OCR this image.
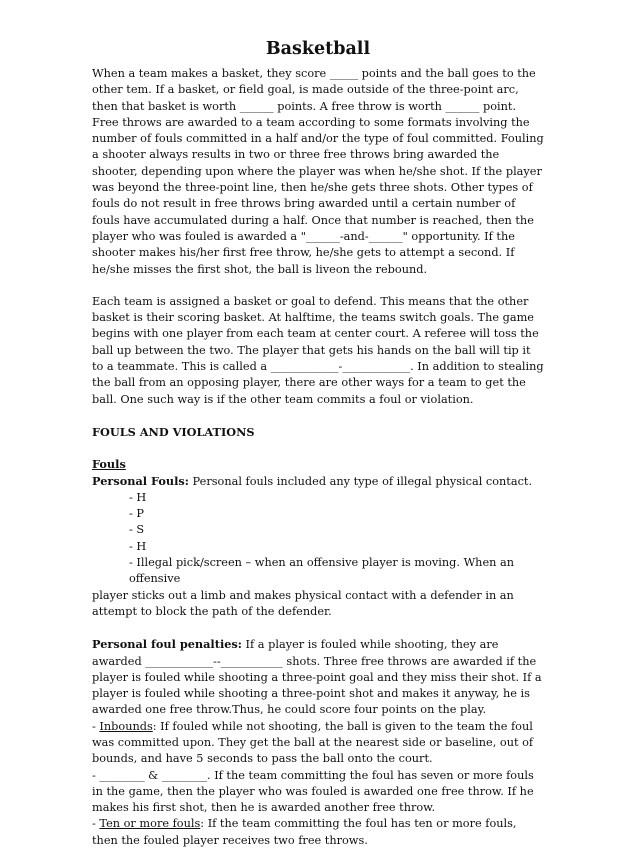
Basketball

When a team makes a basket, they score _____ points and the ball goes to the other tem. If a basket, or field goal, is made outside of the three-point arc, then that basket is worth ______ points. A free throw is worth ______ point. Free throws are awarded to a team according to some formats involving the number of fouls committed in a half and/or the type of foul committed. Fouling a shooter always results in two or three free throws bring awarded the shooter, depending upon where the player was when he/she shot. If the player was beyond the three-point line, then he/she gets three shots. Other types of fouls do not result in free throws bring awarded until a certain number of fouls have accumulated during a half. Once that number is reached, then the player who was fouled is awarded a "______-and-______" opportunity. If the shooter makes his/her first free throw, he/she gets to attempt a second. If he/she misses the first shot, the ball is liveon the rebound.

Each team is assigned a basket or goal to defend. This means that the other basket is their scoring basket. At halftime, the teams switch goals. The game begins with one player from each team at center court. A referee will toss the ball up between the two. The player that gets his hands on the ball will tip it to a teammate. This is called a ____________-____________. In addition to stealing the ball from an opposing player, there are other ways for a team to get the ball. One such way is if the other team commits a foul or violation.

FOULS AND VIOLATIONS

Fouls

Personal Fouls: Personal fouls included any type of illegal physical contact.

- H
- P
- S
- H
- Illegal pick/screen – when an offensive player is moving. When an offensive

player sticks out a limb and makes physical contact with a defender in an attempt to block the path of the defender.

Personal foul penalties: If a player is fouled while shooting, they are awarded ____________--___________ shots. Three free throws are awarded if the player is fouled while shooting a three-point goal and they miss their shot. If a player is fouled while shooting a three-point shot and makes it anyway, he is awarded one free throw.Thus, he could score four points on the play.

- Inbounds: If fouled while not shooting, the ball is given to the team the foul was committed upon. They get the ball at the nearest side or baseline, out of bounds, and have 5 seconds to pass the ball onto the court.

- ________ & ________. If the team committing the foul has seven or more fouls in the game, then the player who was fouled is awarded one free throw. If he makes his first shot, then he is awarded another free throw.

- Ten or more fouls: If the team committing the foul has ten or more fouls, then the fouled player receives two free throws.
